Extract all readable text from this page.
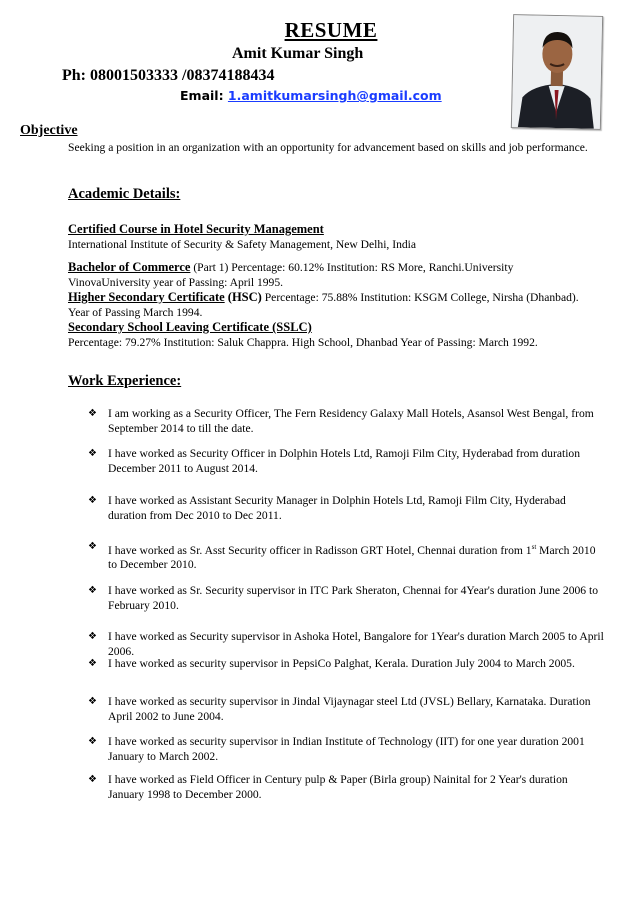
RESUME
Amit Kumar Singh
Ph: 08001503333 /08374188434
Email: 1.amitkumarsingh@gmail.com
Objective
Seeking a position in an organization with an opportunity for advancement based on skills and job performance.
Academic Details:
Certified Course in Hotel Security Management
International Institute of Security & Safety Management, New Delhi, India
Bachelor of Commerce (Part 1) Percentage: 60.12% Institution: RS More, Ranchi.University VinovaUniversity year of Passing: April 1995.
Higher Secondary Certificate (HSC) Percentage: 75.88% Institution: KSGM College, Nirsha (Dhanbad). Year of Passing March 1994.
Secondary School Leaving Certificate (SSLC)
Percentage: 79.27% Institution: Saluk Chappra. High School, Dhanbad Year of Passing: March 1992.
Work Experience:
❖ I am working as a Security Officer, The Fern Residency Galaxy Mall Hotels, Asansol West Bengal, from September 2014 to till the date.
❖ I have worked as Security Officer in Dolphin Hotels Ltd, Ramoji Film City, Hyderabad from duration December 2011 to August 2014.
❖ I have worked as Assistant Security Manager in Dolphin Hotels Ltd, Ramoji Film City, Hyderabad duration from Dec 2010 to Dec 2011.
❖ I have worked as Sr. Asst Security officer in Radisson GRT Hotel, Chennai duration from 1st March 2010 to December 2010.
❖ I have worked as Sr. Security supervisor in ITC Park Sheraton, Chennai for 4Year's duration June 2006 to February 2010.
❖ I have worked as Security supervisor in Ashoka Hotel, Bangalore for 1Year's duration March 2005 to April 2006.
❖ I have worked as security supervisor in PepsiCo Palghat, Kerala. Duration July 2004 to March 2005.
❖ I have worked as security supervisor in Jindal Vijaynagar steel Ltd (JVSL) Bellary, Karnataka. Duration April 2002 to June 2004.
❖ I have worked as security supervisor in Indian Institute of Technology (IIT) for one year duration 2001 January to March 2002.
❖ I have worked as Field Officer in Century pulp & Paper (Birla group) Nainital for 2 Year's duration January 1998 to December 2000.
